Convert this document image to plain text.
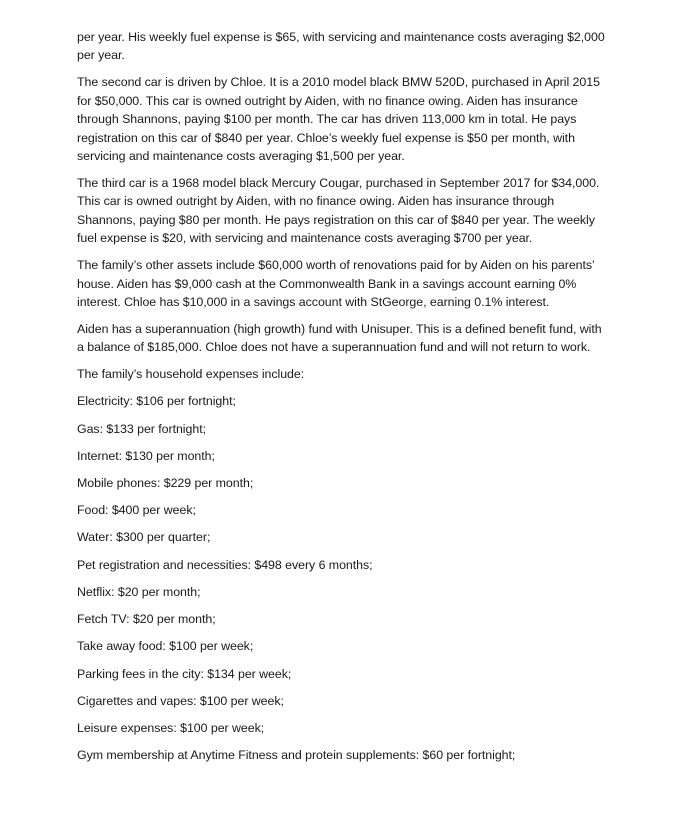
per year. His weekly fuel expense is $65, with servicing and maintenance costs averaging $2,000 per year.

The second car is driven by Chloe. It is a 2010 model black BMW 520D, purchased in April 2015 for $50,000. This car is owned outright by Aiden, with no finance owing. Aiden has insurance through Shannons, paying $100 per month. The car has driven 113,000 km in total. He pays registration on this car of $840 per year. Chloe’s weekly fuel expense is $50 per month, with servicing and maintenance costs averaging $1,500 per year.

The third car is a 1968 model black Mercury Cougar, purchased in September 2017 for $34,000. This car is owned outright by Aiden, with no finance owing. Aiden has insurance through Shannons, paying $80 per month. He pays registration on this car of $840 per year. The weekly fuel expense is $20, with servicing and maintenance costs averaging $700 per year.

The family’s other assets include $60,000 worth of renovations paid for by Aiden on his parents’ house. Aiden has $9,000 cash at the Commonwealth Bank in a savings account earning 0% interest. Chloe has $10,000 in a savings account with StGeorge, earning 0.1% interest.

Aiden has a superannuation (high growth) fund with Unisuper. This is a defined benefit fund, with a balance of $185,000. Chloe does not have a superannuation fund and will not return to work.

The family’s household expenses include:

Electricity: $106 per fortnight;

Gas: $133 per fortnight;

Internet: $130 per month;

Mobile phones: $229 per month;

Food: $400 per week;

Water: $300 per quarter;

Pet registration and necessities: $498 every 6 months;

Netflix: $20 per month;

Fetch TV: $20 per month;

Take away food: $100 per week;

Parking fees in the city: $134 per week;

Cigarettes and vapes: $100 per week;

Leisure expenses: $100 per week;

Gym membership at Anytime Fitness and protein supplements: $60 per fortnight;
